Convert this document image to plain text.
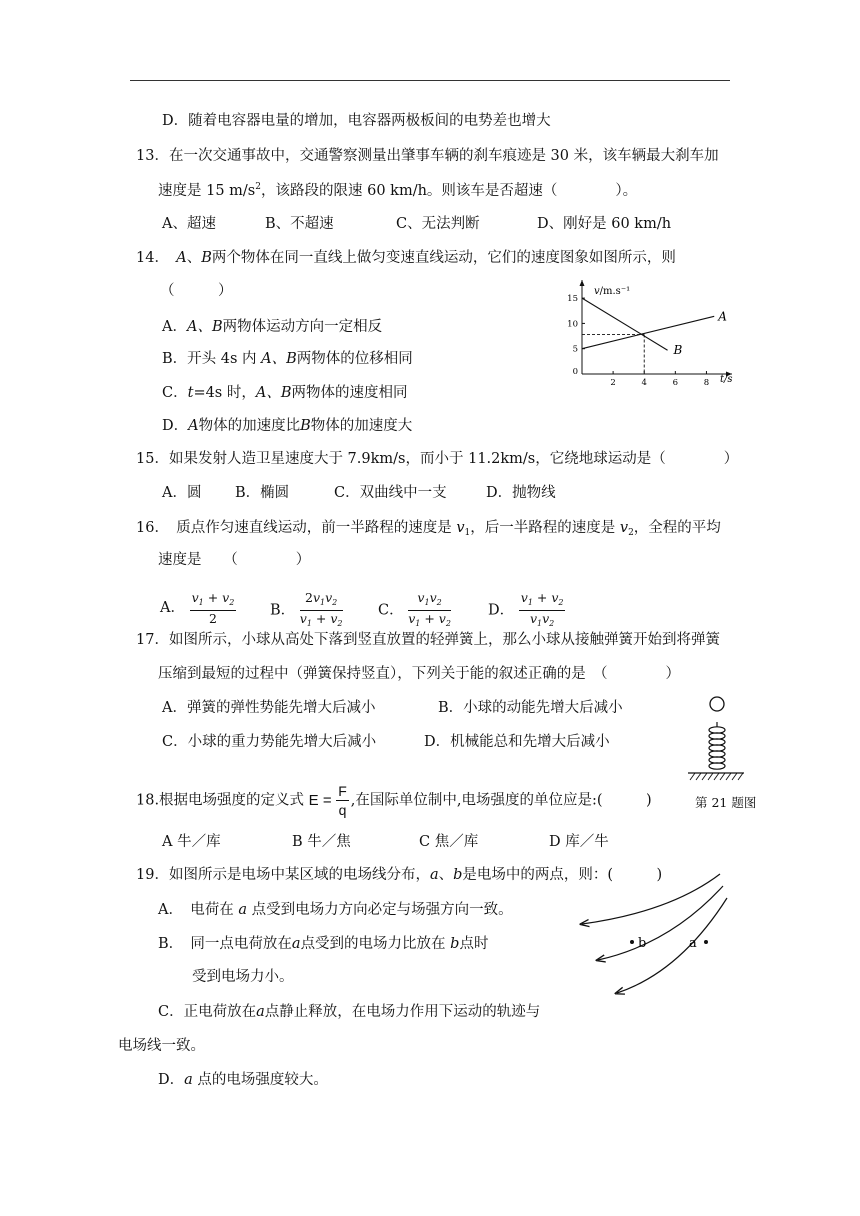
D．随着电容器电量的增加，电容器两极板间的电势差也增大
13．在一次交通事故中，交通警察测量出肇事车辆的刹车痕迹是 30 米，该车辆最大刹车加
速度是 15 $m/s^2$，该路段的限速 60 km/h。则该车是否超速（　　　　）。
A、超速	B、不超速	C、无法判断	D、刚好是 60 km/h
14．　 A、B两个物体在同一直线上做匀变速直线运动，它们的速度图象如图所示，则
（　　　）
A．A、B两物体运动方向一定相反
B．开头 4s 内 A、B两物体的位移相同
C．t=4s 时，A、B两物体的速度相同
D．A物体的加速度比B物体的加速度大
2	4	6	8
0
5
10
15
A
B
v/m.s⁻¹
t/s
15．如果发射人造卫星速度大于 7.9km/s，而小于 11.2km/s，它绕地球运动是（　　　　）
A．圆 B．椭圆	C．双曲线中一支	D．抛物线
16．　质点作匀速直线运动，前一半路程的速度是 $v_1$，后一半路程的速度是 $v_2$，全程的平均
速度是　　（　　　　）
A． $\frac{v_1 + v_2}{2}$ B． $\frac{2v_1v_2}{v_1 + v_2}$ C． $\frac{v_1v_2}{v_1 + v_2}$	D． $\frac{v_1 + v_2}{v_1v_2}$
17．如图所示，小球从高处下落到竖直放置的轻弹簧上，那么小球从接触弹簧开始到将弹簧
压缩到最短的过程中（弹簧保持竖直），下列关于能的叙述正确的是　（　　　　）
A．弹簧的弹性势能先增大后减小	B．小球的动能先增大后减小
C．小球的重力势能先增大后减小	D．机械能总和先增大后减小
第 21 题图
18.根据电场强度的定义式 $E = \frac{F}{q}$ ,在国际单位制中,电场强度的单位应是:(　　　)
A 牛／库	B 牛／焦	C 焦／库	D 库／牛
19．如图所示是电场中某区域的电场线分布，a、b是电场中的两点，则：(　　　)
A．　电荷在 a 点受到电场力方向必定与场强方向一致。
B．　同一点电荷放在a点受到的电场力比放在 b点时
受到电场力小。
C．正电荷放在a点静止释放，在电场力作用下运动的轨迹与
电场线一致。
D．a 点的电场强度较大。
b	a
